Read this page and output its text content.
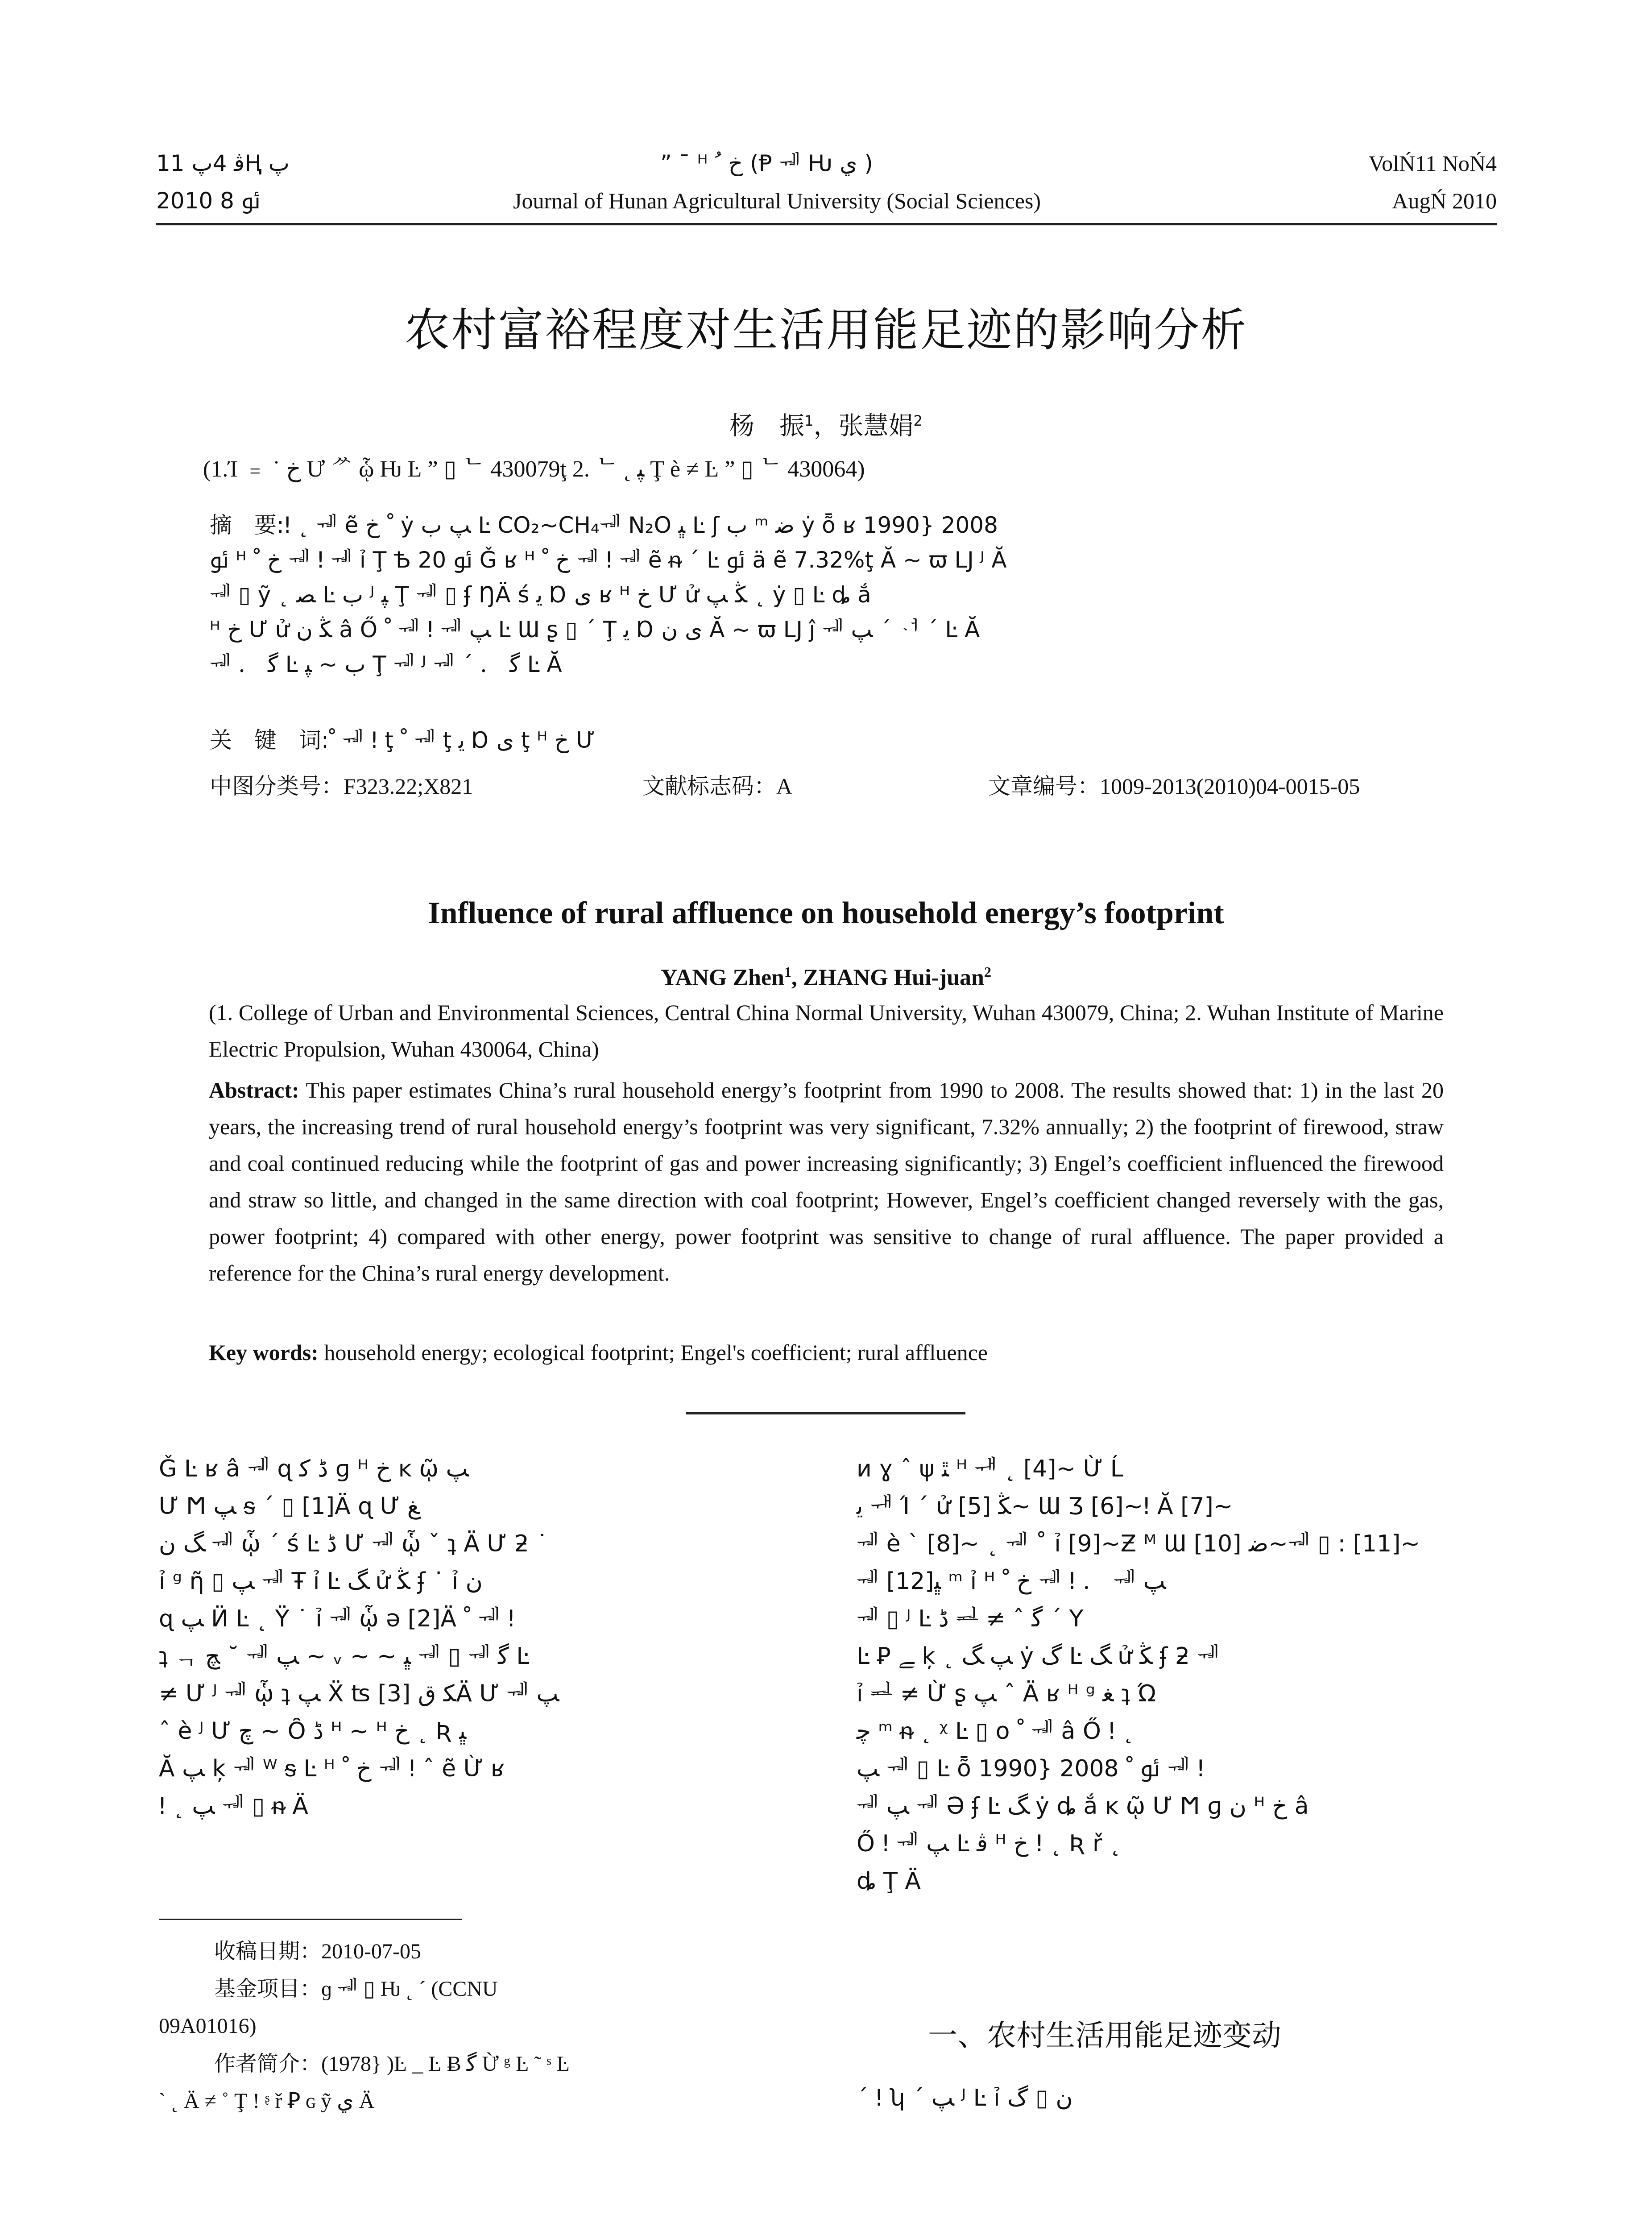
ﭬ 4ﭖ 11Ⱨ ﭖ
2010 ﯮ 8
” ¯ ᴴ ﺥ ﹸ (Ᵽ ᆌ Ƕ ي )
Journal of Hunan Agricultural University (Social Sciences)
VolŃ11 NoŃ4
AugŃ 2010
农村富裕程度对生活用能足迹的影响分析
杨　振$^1$，张慧娟$^2$
(1.Ί ﹦ ˙ ﺥ Ư ᄽ ᾧ Ƕ Ŀ ” ▯ ᄂ 430079ţ 2. ᄂ ˛ ﭙ Ţ è ≠ Ŀ ” ▯ ᄂ 430064)
摘　要:ǃ ˛ ᆌ ẽ ﹾ ﺥ ẏ ﭗ ﺏ Ŀ CO₂~CH₄ᆌ N₂O ﭝ Ŀ ʃ ﺏ ᵐ ﺿ ẏ ȭ ʁ 1990} 2008
ﯮ ᴴ ﺥ ﹾ ᆌ ǃ ᆌ ỉ Ţ Ѣ 20 ﯮ Ǧ ʁ ᴴ ﺥ ﹾ ᆌ ǃ ᆌ ẽ ᵰ ˊ Ŀ ﯮ ä ẽ 7.32%ţ Ă ~ ϖ Ǉ ᴶ Ă
ᆌ ▯ ỹ ˛ ﺼ Ŀ ﺏ ᴶ ﭙ Ţ ᆌ ▯ ʄ ŊÄ ś ﻳ Ɒ ی ʁ ᴴ ﺥ Ư ử ﯖ ﭗ ˛ ẏ ▯ Ŀ ȡ ắ
ᴴ ﺥ Ư ử ﯖ ﻥ â Ő ﹾ ᆌ ǃ ᆌ ﭗ Ŀ Ɯ ʂ ▯ ˊ Ţ ﻳ Ɒ ی ﻥ Ă ~ ϖ Ǉ ĵ ᆌ ﭗ ˊ ᆟ ˊ Ŀ Ă
ᆌ ． ﮔ Ŀ ﺏ ~ ﭙ Ţ ᆌ ᴶ ᆌ ˊ ． ﮔ Ŀ Ă
关　键　词:ﹾ ᆌ ǃ ţ ﹾ ᆌ ţ ﻳ Ɒ ی ţ ᴴ ﺥ Ư
中图分类号：F323.22;X821	文献标志码：A	文章编号：1009-2013(2010)04-0015-05
Influence of rural affluence on household energy’s footprint
YANG Zhen$^1$, ZHANG Hui-juan$^2$
(1. College of Urban and Environmental Sciences, Central China Normal University, Wuhan 430079, China; 2. Wuhan Institute of Marine Electric Propulsion, Wuhan 430064, China)
Abstract: This paper estimates China’s rural household energy’s footprint from 1990 to 2008. The results showed that: 1) in the last 20 years, the increasing trend of rural household energy’s footprint was very significant, 7.32% annually; 2) the footprint of firewood, straw and coal continued reducing while the footprint of gas and power increasing significantly; 3) Engel’s coefficient influenced the firewood and straw so little, and changed in the same direction with coal footprint; However, Engel’s coefficient changed reversely with the gas, power footprint; 4) compared with other energy, power footprint was sensitive to change of rural affluence. The paper provided a reference for the China’s rural energy development.
Key words: household energy; ecological footprint; Engel's coefficient; rural affluence
Ǧ Ŀ ʁ â ᆌ ɋ ﮈ ﮐ ɡ ᴴ ﺥ ĸ ῷ ﭗ
Ư Ϻ ﭗ ᵴ ˊ ▯ [1]Ä ɋ Ư ﻎ
ﮓ ﻥ ᆌ ᾧ ˊ ś Ŀ ﮈ Ư ᆌ ᾧ ˇ ʇ Ä Ư ƻ ˙
ỉ ᵍ ῆ ▯ ﭗ ᆌ Ŧ ỉ Ŀ ﮓ ử ﯖ ʄ ˙ ỉ ﻥ
ɋ ﭗ Ӥ Ŀ ˛ Ϋ ˙ ỉ ᆌ ᾧ ǝ [2]Ä ﹾ ᆌ ǃ
ʇ ᆨ ﭻ ˘ ᆌ ﭗ ~ ᵥ ~ ~ ﭝ ᆌ ▯ ᆌ ﮔ Ŀ
≠ Ư ᴶ ᆌ ᾧ ʇ ﭗ Ẍ ʦ ﮑ ﻕ [3]Ä Ư ᆌ ﭗ
ˆ è ᴶ Ư ﭺ ~ Ȏ ﮈ ᴴ ~ ᴴ ﺥ ˛ Ʀ ﭝ
Ă ﭗ ķ ᆌ ᵂ ᵴ Ŀ ᴴ ﺥ ﹾ ᆌ ǃ ˆ ẽ Ừ ʁ
ǃ ˛ ﭗ ᆌ ▯ ᵰ Ä
收稿日期：2010-07-05
基金项目：ɡ ᆌ ▯ Ƕ ˛ ˊ (CCNU
09A01016)
作者简介：(1978} )Ŀ _ Ŀ Ƀ ﮔ Ừ ᵍ Ŀ ˜ ˢ Ŀ
ˋ ˛ Ä ≠ ˚ Ţ ǃ ᶳ ř Ꝑ ɢ ỹ ي Ä
ᴎ ɣ ˆ ψ ﭥ ᴴ ᆊ ˛ [4]~ Ừ Ĺ
ﻳ ᆊ Ί ˊ ử ﯖ [5]~ Ɯ Ʒ [6]~ǃ Ă [7]~
ᆌ è ˋ [8]~ ˛ ᆌ ˚ ỉ [9]~Ƶ ᴹ Ɯ ﺿ [10]~ᆌ ▯ : [11]~
ᆌ [12]ﭝ ᵐ ỉ ᴴ ﺥ ﹾ ᆌ ǃ ． ᆌ ﭗ
ᆌ ▯ ᴶ Ŀ ﮈ ᆋ ≠ ˆ ﮔ ˊ Y
Ŀ Ꝑ ﮯ ķ ˛ ﭗ ﮓ ẏ ﮒ Ŀ ﮓ ử ﯖ ʄ ƻ ᆌ
ỉ ᆋ ≠ Ừ ʂ ﭗ ˆ Ä ʁ ᴴ ᵍ ﻐ ʇ Ώ
ﭼ ᵐ ᵰ ˛ ᵡ Ŀ ▯ о ﹾ ᆌ â Ő ǃ ˛
ﭗ ᆌ ▯ Ŀ ȭ 1990} 2008 ﯮ ﹾ ᆌ ǃ
ᆌ ﭗ ᆌ Ə ʄ Ŀ ﮓ ẏ ȡ ắ ĸ ῷ Ư Ϻ ɡ ﻥ ᴴ ﺥ â
Ő ǃ ᆌ ﭗ Ŀ ﭬ ᴴ ﺥ ǃ ˛ Ʀ ř ˛
ȡ Ţ Ä
一、农村生活用能足迹变动
ˊ ǃ ʮ ˊ ﭗ ᴶ Ŀ ỉ ﻥ ▯ ﮒ
